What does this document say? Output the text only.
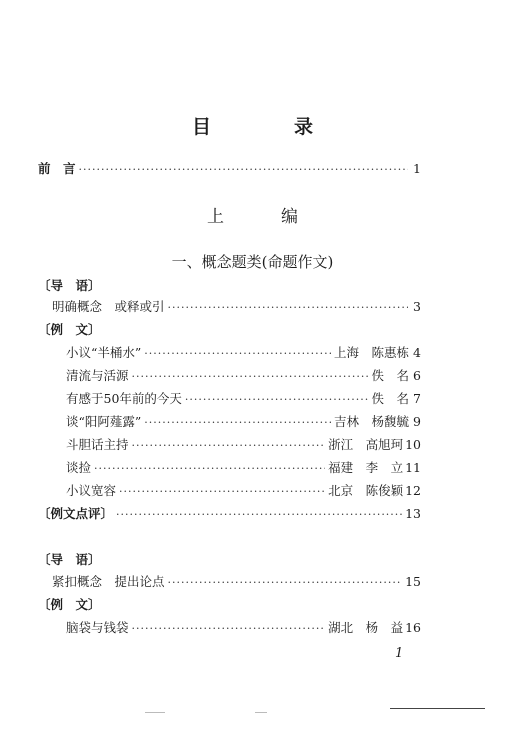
目　录
前　言 ·····	1
上　编
一、概念题类(命题作文)
〔导　语〕
明确概念　或释或引 ·····	3
〔例　文〕
小议“半桶水” ·····	上海　陈惠栋 4
清流与活源 ·····	佚　名 6
有感于50年前的今天 ·····	佚　名 7
谈“阳阿薤露” ·····	吉林　杨馥毓 9
斗胆话主持 ·····	浙江　高旭珂 10
谈捡 ·····	福建　李　立 11
小议宽容 ·····	北京　陈俊颖 12
〔例文点评〕 ·····	13
〔导　语〕
紧扣概念　提出论点 ·····	15
〔例　文〕
脑袋与钱袋 ·····	湖北　杨　益 16
1
